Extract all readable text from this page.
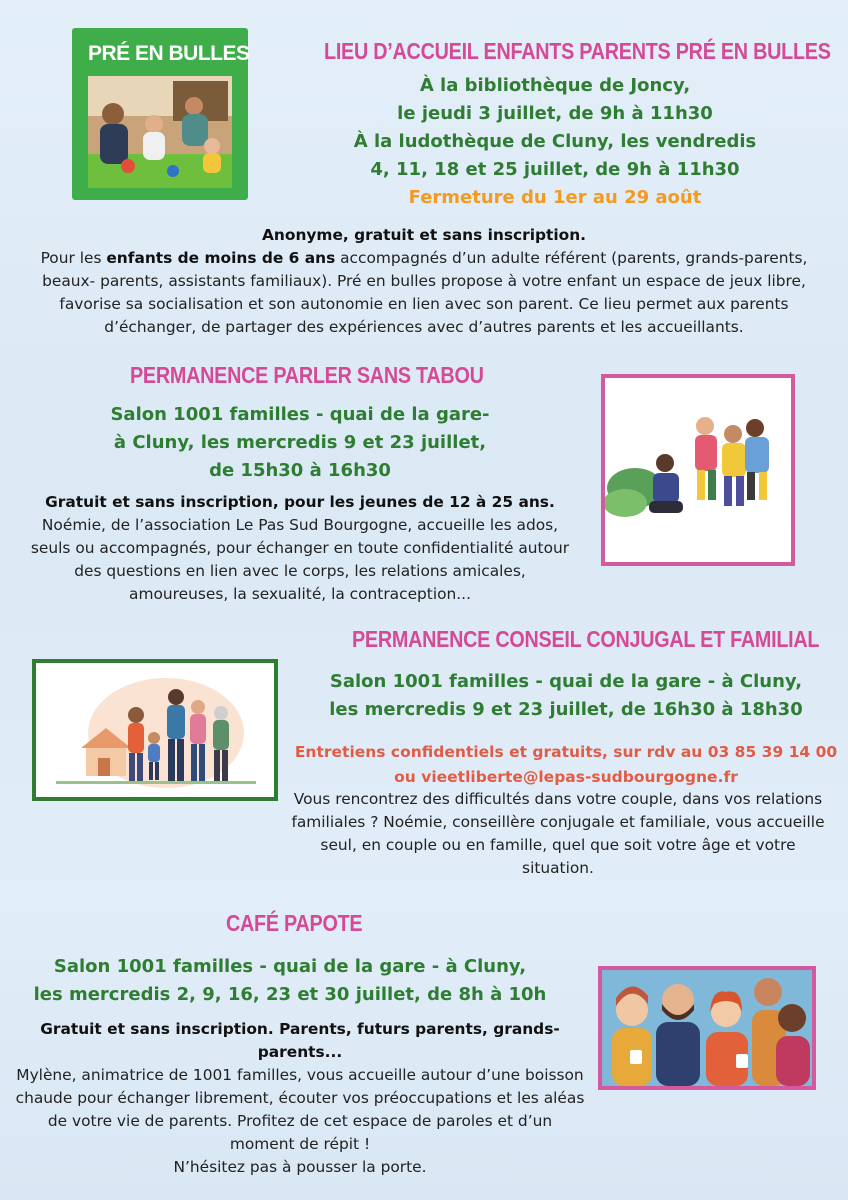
PRÉ EN BULLES	LIEU D’ACCUEIL ENFANTS PARENTS PRÉ EN BULLES
À la bibliothèque de Joncy,
le jeudi 3 juillet, de 9h à 11h30
À la ludothèque de Cluny, les vendredis
4, 11, 18 et 25 juillet, de 9h à 11h30
Fermeture du 1er au 29 août
Anonyme, gratuit et sans inscription.
Pour les enfants de moins de 6 ans accompagnés d’un adulte référent (parents, grands-parents, beaux- parents, assistants familiaux). Pré en bulles propose à votre enfant un espace de jeux libre, favorise sa socialisation et son autonomie en lien avec son parent. Ce lieu permet aux parents d’échanger, de partager des expériences avec d’autres parents et les accueillants.
PERMANENCE PARLER SANS TABOU
Salon 1001 familles - quai de la gare-
à Cluny, les mercredis 9 et 23 juillet,
de 15h30 à 16h30
Gratuit et sans inscription, pour les jeunes de 12 à 25 ans.
Noémie, de l’association Le Pas Sud Bourgogne, accueille les ados, seuls ou accompagnés, pour échanger en toute confidentialité autour des questions en lien avec le corps, les relations amicales, amoureuses, la sexualité, la contraception...
PERMANENCE CONSEIL CONJUGAL ET FAMILIAL
Salon 1001 familles - quai de la gare - à Cluny,
les mercredis 9 et 23 juillet, de 16h30 à 18h30
Entretiens confidentiels et gratuits, sur rdv au 03 85 39 14 00
ou vieetliberte@lepas-sudbourgogne.fr
Vous rencontrez des difficultés dans votre couple, dans vos relations familiales ? Noémie, conseillère conjugale et familiale, vous accueille seul, en couple ou en famille, quel que soit votre âge et votre situation.
CAFÉ PAPOTE
Salon 1001 familles - quai de la gare - à Cluny,
les mercredis 2, 9, 16, 23 et 30 juillet, de 8h à 10h
Gratuit et sans inscription. Parents, futurs parents, grands-parents...
Mylène, animatrice de 1001 familles, vous accueille autour d’une boisson chaude pour échanger librement, écouter vos préoccupations et les aléas de votre vie de parents. Profitez de cet espace de paroles et d’un moment de répit !
N’hésitez pas à pousser la porte.
